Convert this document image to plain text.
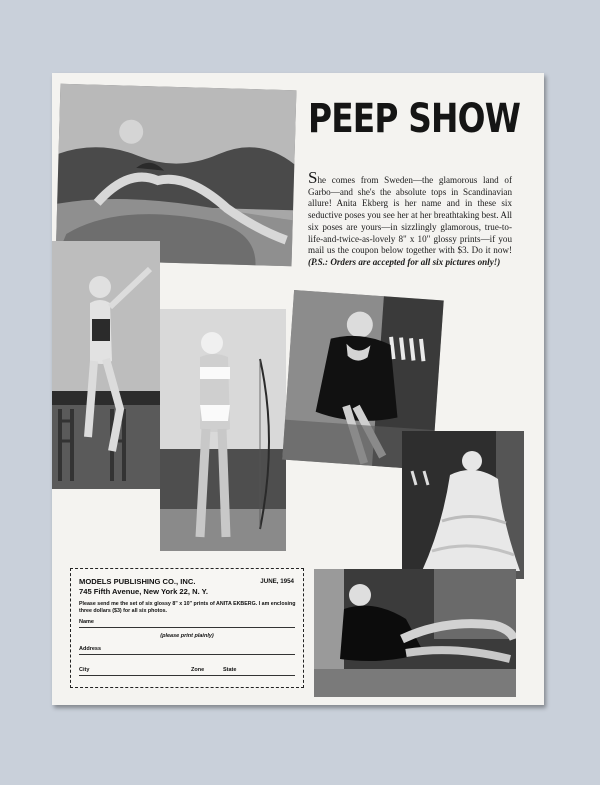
PEEP SHOW

She comes from Sweden—the glamorous land of Garbo—and she's the absolute tops in Scandinavian allure! Anita Ekberg is her name and in these six seductive poses you see her at her breathtaking best. All six poses are yours—in sizzlingly glamorous, true-to-life-and-twice-as-lovely 8" x 10" glossy prints—if you mail us the coupon below together with $3. Do it now! (P.S.: Orders are accepted for all six pictures only!)

MODELS PUBLISHING CO., INC.	JUNE, 1954
745 Fifth Avenue, New York 22, N. Y.
Please send me the set of six glossy 8" x 10" prints of ANITA EKBERG. I am enclosing three dollars ($3) for all six photos.
Name
(please print plainly)
Address
City	Zone	State
